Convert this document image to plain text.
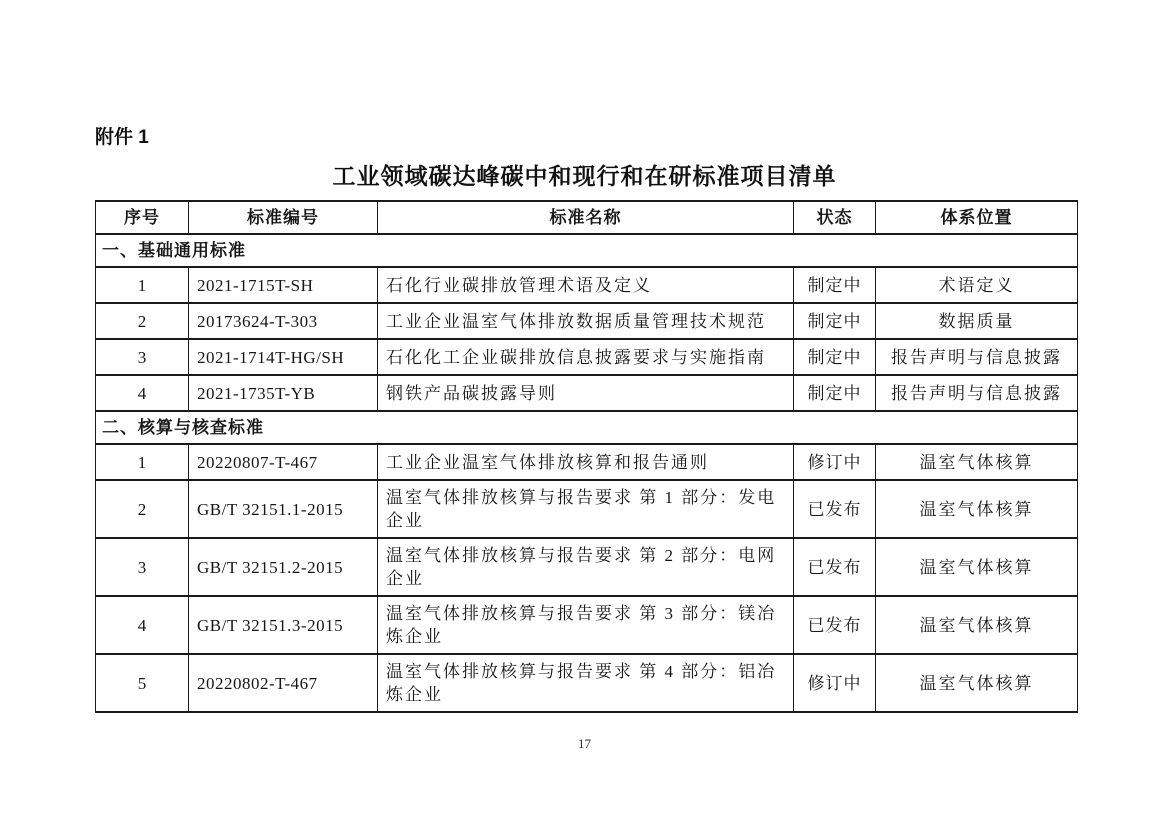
附件 1
工业领域碳达峰碳中和现行和在研标准项目清单
序号	标准编号	标准名称	状态	体系位置
一、基础通用标准				
1	2021-1715T-SH	石化行业碳排放管理术语及定义	制定中	术语定义
2	20173624-T-303	工业企业温室气体排放数据质量管理技术规范	制定中	数据质量
3	2021-1714T-HG/SH	石化化工企业碳排放信息披露要求与实施指南	制定中	报告声明与信息披露
4	2021-1735T-YB	钢铁产品碳披露导则	制定中	报告声明与信息披露
二、核算与核查标准				
1	20220807-T-467	工业企业温室气体排放核算和报告通则	修订中	温室气体核算
2	GB/T 32151.1-2015	温室气体排放核算与报告要求 第 1 部分：发电企业	已发布	温室气体核算
3	GB/T 32151.2-2015	温室气体排放核算与报告要求 第 2 部分：电网企业	已发布	温室气体核算
4	GB/T 32151.3-2015	温室气体排放核算与报告要求 第 3 部分：镁冶炼企业	已发布	温室气体核算
5	20220802-T-467	温室气体排放核算与报告要求 第 4 部分：铝冶炼企业	修订中	温室气体核算
17
